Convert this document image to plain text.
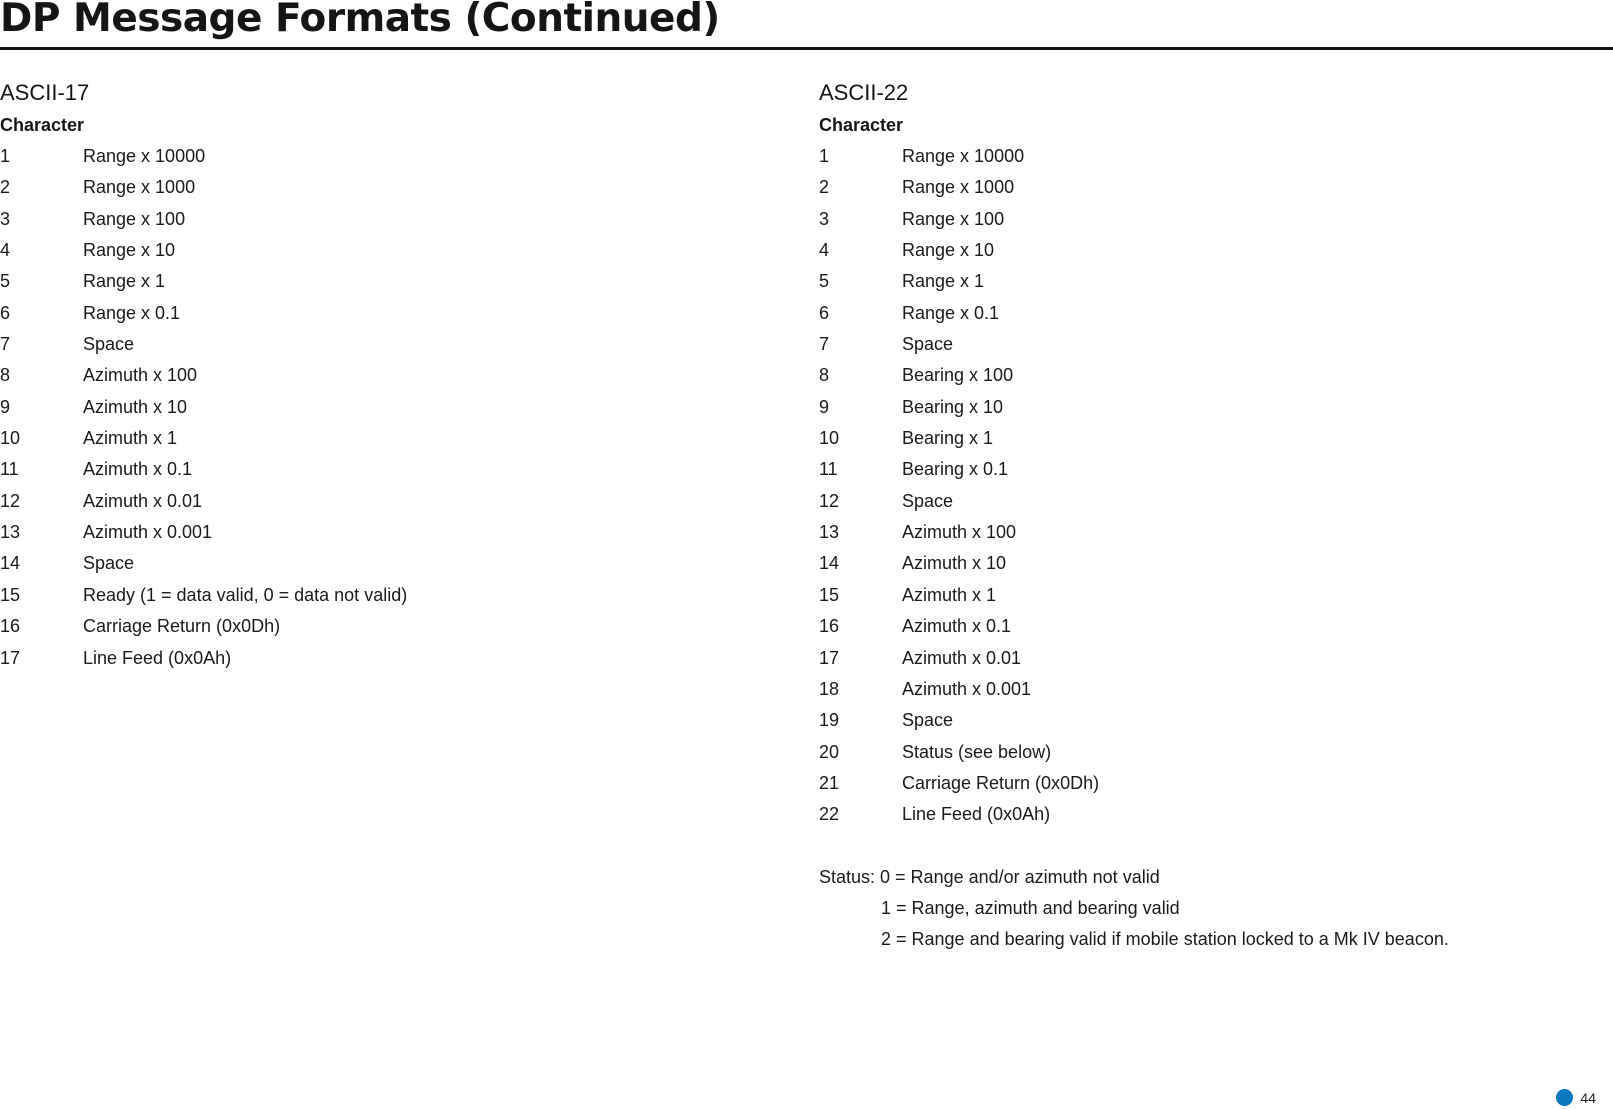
DP Message Formats (Continued)
ASCII-17
Character
1	Range x 10000
2	Range x 1000
3	Range x 100
4	Range x 10
5	Range x 1
6	Range x 0.1
7	Space
8	Azimuth x 100
9	Azimuth x 10
10	Azimuth x 1
11	Azimuth x 0.1
12	Azimuth x 0.01
13	Azimuth x 0.001
14	Space
15	Ready (1 = data valid, 0 = data not valid)
16	Carriage Return (0x0Dh)
17	Line Feed (0x0Ah)
ASCII-22
Character
1	Range x 10000
2	Range x 1000
3	Range x 100
4	Range x 10
5	Range x 1
6	Range x 0.1
7	Space
8	Bearing x 100
9	Bearing x 10
10	Bearing x 1
11	Bearing x 0.1
12	Space
13	Azimuth x 100
14	Azimuth x 10
15	Azimuth x 1
16	Azimuth x 0.1
17	Azimuth x 0.01
18	Azimuth x 0.001
19	Space
20	Status (see below)
21	Carriage Return (0x0Dh)
22	Line Feed (0x0Ah)
Status: 0 = Range and/or azimuth not valid
1 = Range, azimuth and bearing valid
2 = Range and bearing valid if mobile station locked to a Mk IV beacon.
44
